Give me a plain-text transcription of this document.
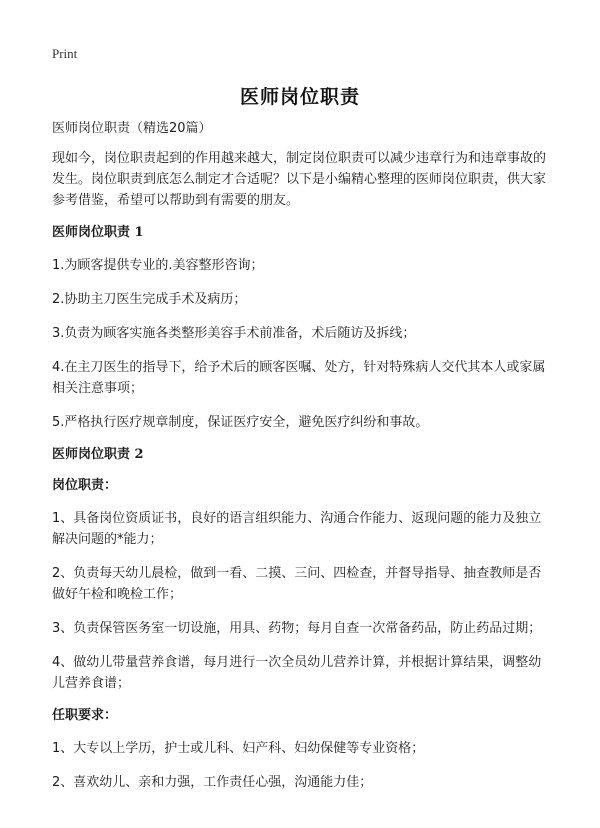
Print
医师岗位职责

医师岗位职责（精选20篇）

现如今，岗位职责起到的作用越来越大，制定岗位职责可以减少违章行为和违章事故的发生。岗位职责到底怎么制定才合适呢？以下是小编精心整理的医师岗位职责，供大家参考借鉴，希望可以帮助到有需要的朋友。

医师岗位职责 1

1.为顾客提供专业的.美容整形咨询；

2.协助主刀医生完成手术及病历；

3.负责为顾客实施各类整形美容手术前准备，术后随访及拆线；

4.在主刀医生的指导下，给予术后的顾客医嘱、处方，针对特殊病人交代其本人或家属相关注意事项；

5.严格执行医疗规章制度，保证医疗安全，避免医疗纠纷和事故。

医师岗位职责 2

岗位职责：

1、具备岗位资质证书，良好的语言组织能力、沟通合作能力、返现问题的能力及独立解决问题的*能力；

2、负责每天幼儿晨检，做到一看、二摸、三问、四检查，并督导指导、抽查教师是否做好午检和晚检工作；

3、负责保管医务室一切设施，用具、药物；每月自查一次常备药品，防止药品过期；

4、做幼儿带量营养食谱，每月进行一次全员幼儿营养计算，并根据计算结果，调整幼儿营养食谱；

任职要求：

1、大专以上学历，护士或儿科、妇产科、妇幼保健等专业资格；

2、喜欢幼儿、亲和力强，工作责任心强，沟通能力佳；
